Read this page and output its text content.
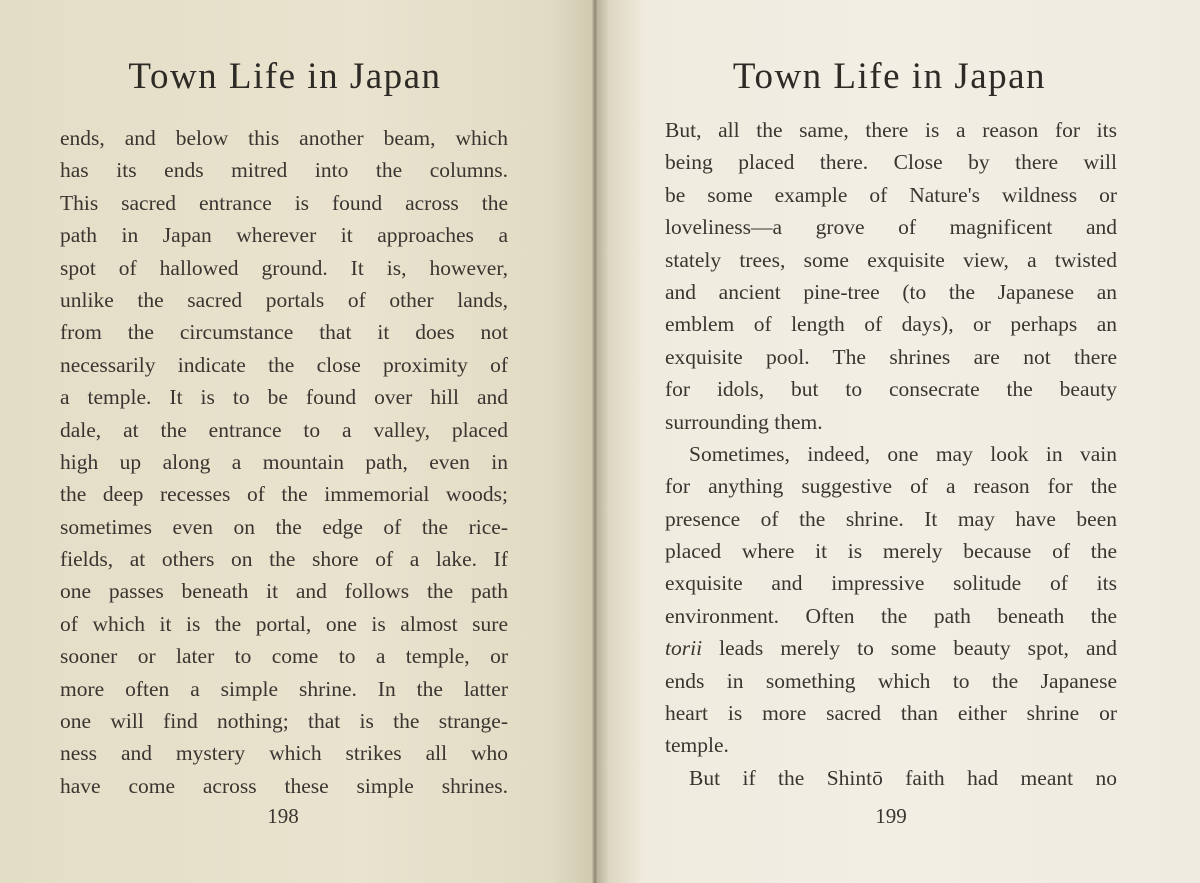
Town Life in Japan
ends, and below this another beam, which
has its ends mitred into the columns.
This sacred entrance is found across the
path in Japan wherever it approaches a
spot of hallowed ground. It is, however,
unlike the sacred portals of other lands,
from the circumstance that it does not
necessarily indicate the close proximity of
a temple. It is to be found over hill and
dale, at the entrance to a valley, placed
high up along a mountain path, even in
the deep recesses of the immemorial woods;
sometimes even on the edge of the rice-
fields, at others on the shore of a lake. If
one passes beneath it and follows the path
of which it is the portal, one is almost sure
sooner or later to come to a temple, or
more often a simple shrine. In the latter
one will find nothing; that is the strange-
ness and mystery which strikes all who
have come across these simple shrines.
198
Town Life in Japan
But, all the same, there is a reason for its
being placed there. Close by there will
be some example of Nature's wildness or
loveliness—a grove of magnificent and
stately trees, some exquisite view, a twisted
and ancient pine-tree (to the Japanese an
emblem of length of days), or perhaps an
exquisite pool. The shrines are not there
for idols, but to consecrate the beauty
surrounding them.
Sometimes, indeed, one may look in vain
for anything suggestive of a reason for the
presence of the shrine. It may have been
placed where it is merely because of the
exquisite and impressive solitude of its
environment. Often the path beneath the
torii leads merely to some beauty spot, and
ends in something which to the Japanese
heart is more sacred than either shrine or
temple.
But if the Shintō faith had meant no
199
